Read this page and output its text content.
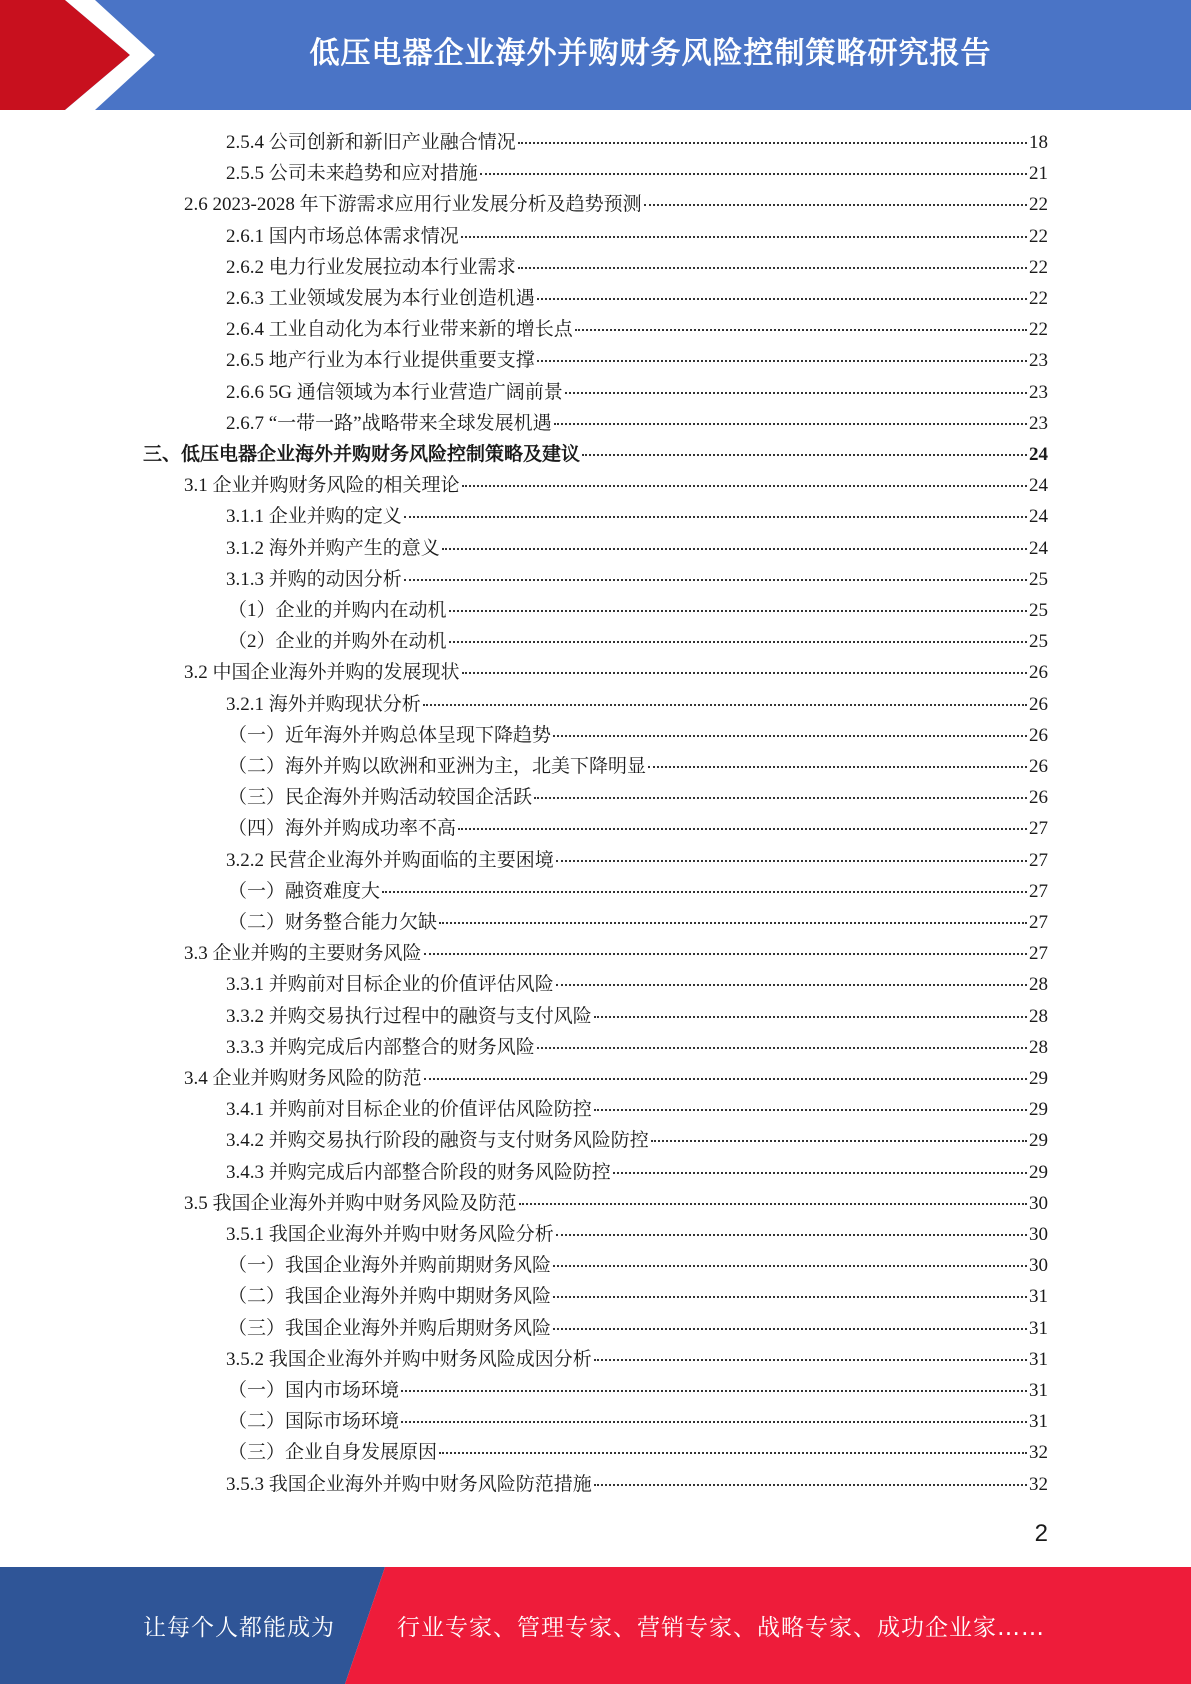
低压电器企业海外并购财务风险控制策略研究报告
2.5.4 公司创新和新旧产业融合情况	18
2.5.5 公司未来趋势和应对措施	21
2.6 2023-2028 年下游需求应用行业发展分析及趋势预测	22
2.6.1 国内市场总体需求情况	22
2.6.2 电力行业发展拉动本行业需求	22
2.6.3 工业领域发展为本行业创造机遇	22
2.6.4 工业自动化为本行业带来新的增长点	22
2.6.5 地产行业为本行业提供重要支撑	23
2.6.6 5G 通信领域为本行业营造广阔前景	23
2.6.7 “一带一路”战略带来全球发展机遇	23
三、低压电器企业海外并购财务风险控制策略及建议	24
3.1 企业并购财务风险的相关理论	24
3.1.1 企业并购的定义	24
3.1.2 海外并购产生的意义	24
3.1.3 并购的动因分析	25
（1）企业的并购内在动机	25
（2）企业的并购外在动机	25
3.2 中国企业海外并购的发展现状	26
3.2.1 海外并购现状分析	26
（一）近年海外并购总体呈现下降趋势	26
（二）海外并购以欧洲和亚洲为主，北美下降明显	26
（三）民企海外并购活动较国企活跃	26
（四）海外并购成功率不高	27
3.2.2 民营企业海外并购面临的主要困境	27
（一）融资难度大	27
（二）财务整合能力欠缺	27
3.3 企业并购的主要财务风险	27
3.3.1 并购前对目标企业的价值评估风险	28
3.3.2 并购交易执行过程中的融资与支付风险	28
3.3.3 并购完成后内部整合的财务风险	28
3.4 企业并购财务风险的防范	29
3.4.1 并购前对目标企业的价值评估风险防控	29
3.4.2 并购交易执行阶段的融资与支付财务风险防控	29
3.4.3 并购完成后内部整合阶段的财务风险防控	29
3.5 我国企业海外并购中财务风险及防范	30
3.5.1 我国企业海外并购中财务风险分析	30
（一）我国企业海外并购前期财务风险	30
（二）我国企业海外并购中期财务风险	31
（三）我国企业海外并购后期财务风险	31
3.5.2 我国企业海外并购中财务风险成因分析	31
（一）国内市场环境	31
（二）国际市场环境	31
（三）企业自身发展原因	32
3.5.3 我国企业海外并购中财务风险防范措施	32
2
让每个人都能成为	行业专家、管理专家、营销专家、战略专家、成功企业家……
